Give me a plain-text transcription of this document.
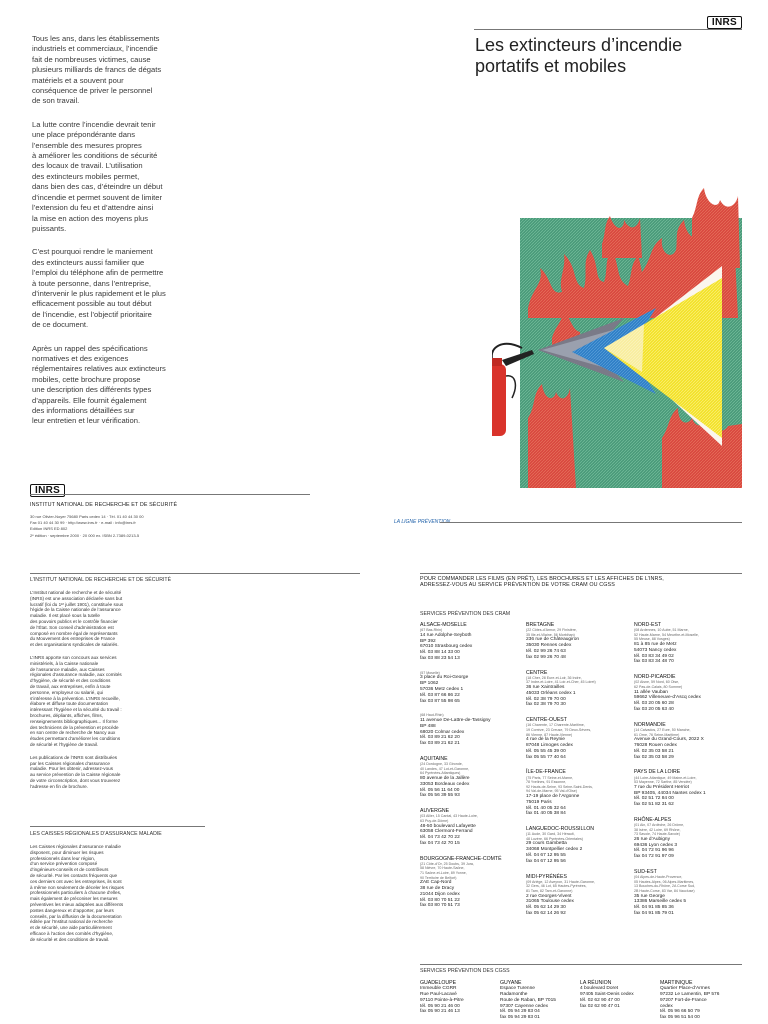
Tous les ans, dans les établissements
industriels et commerciaux, l’incendie
fait de nombreuses victimes, cause
plusieurs milliards de francs de dégats
matériels et a souvent pour
conséquence de priver le personnel
de son travail.

La lutte contre l’incendie devrait tenir
une place prépondérante dans
l’ensemble des mesures propres
à améliorer les conditions de sécurité
des locaux de travail. L’utilisation
des extincteurs mobiles permet,
dans bien des cas, d’éteindre un début
d’incendie et permet souvent de limiter
l’extension du feu et d’attendre ainsi
la mise en action des moyens plus
puissants.

C’est pourquoi rendre le maniement
des extincteurs aussi familier que
l’emploi du téléphone afin de permettre
à toute personne, dans l’entreprise,
d’intervenir le plus rapidement et le plus
efficacement possible au tout début
de l’incendie, est l’objectif prioritaire
de ce document.

Après un rappel des spécifications
normatives et des exigences
réglementaires relatives aux extincteurs
mobiles, cette brochure propose
une description des différents types
d’appareils. Elle fournit également
des informations détaillées sur
leur entretien et leur vérification.

INRS
Les extincteurs d’incendie
portatifs et mobiles
INRS
INSTITUT NATIONAL DE RECHERCHE ET DE SÉCURITÉ
30 rue Olivier-Noyer 75680 Paris cedex 14 · Tél. 01 40 44 30 00
Fax 01 40 44 30 99 · http://www.inrs.fr · e-mail : info@inrs.fr
Edition INRS ED 802
2ᵉ édition · septembre 2000 · 20 000 ex. ISBN 2-7389-0213-5
LA LIGNE PRÉVENTION
L’INSTITUT NATIONAL DE RECHERCHE ET DE SÉCURITÉ
L’Institut national de recherche et de sécurité
(INRS) est une association déclarée sans but
lucratif (loi du 1ᵉʳ juillet 1901), constituée sous
l’égide de la Caisse nationale de l’assurance
maladie. Il est placé sous la tutelle
des pouvoirs publics et le contrôle financier
de l’État. Son conseil d’administration est
composé en nombre égal de représentants
du Mouvement des entreprises de France
et des organisations syndicales de salariés.
L’INRS apporte son concours aux services
ministériels, à la Caisse nationale
de l’assurance maladie, aux Caisses
régionales d’assurance maladie, aux comités
d’hygiène, de sécurité et des conditions
de travail, aux entreprises, enfin à toute
personne, employeur ou salarié, qui
s’intéresse à la prévention. L’INRS recueille,
élabore et diffuse toute documentation
intéressant l’hygiène et la sécurité du travail :
brochures, dépliants, affiches, films,
renseignements bibliographiques... Il forme
des techniciens de la prévention et procède
en son centre de recherche de Nancy aux
études permettant d’améliorer les conditions
de sécurité et l’hygiène de travail.
Les publications de l’INRS sont distribuées
par les Caisses régionales d’assurance
maladie. Pour les obtenir, adressez-vous
au service prévention de la Caisse régionale
de votre circonscription, dont vous trouverez
l’adresse en fin de brochure.
LES CAISSES RÉGIONALES D’ASSURANCE MALADIE
Les Caisses régionales d’assurance maladie
disposent, pour diminuer les risques
professionnels dans leur région,
d’un service prévention composé
d’ingénieurs-conseils et de contrôleurs
de sécurité. Par les contacts fréquents que
ces derniers ont avec les entreprises, ils sont
à même non seulement de déceler les risques
professionnels particuliers à chacune d’elles,
mais également de préconiser les mesures
préventives les mieux adaptées aux différents
postes dangereux et d’apporter, par leurs
conseils, par la diffusion de la documentation
éditée par l’Institut national de recherche
et de sécurité, une aide particulièrement
efficace à l’action des comités d’hygiène,
de sécurité et des conditions de travail.
POUR COMMANDER LES FILMS (EN PRÊT), LES BROCHURES ET LES AFFICHES DE L’INRS,
ADRESSEZ-VOUS AU SERVICE PRÉVENTION DE VOTRE CRAM OU CGSS
SERVICES PRÉVENTION DES CRAM
ALSACE-MOSELLE
(67 Bas-Rhin)
14 rue Adolphe-Seyboth
BP 392
67010 Strasbourg cedex
tél. 03 88 14 33 00
fax 03 88 23 54 13
(57 Moselle)
3 place du Roi-George
BP 1062
57036 Metz cedex 1
tél. 03 87 66 86 22
fax 03 87 55 98 65
(68 Haut-Rhin)
11 avenue De-Lattre-de-Tassigny
BP 488
68020 Colmar cedex
tél. 03 89 21 62 20
fax 03 89 21 62 21
AQUITAINE
(24 Dordogne, 33 Gironde,
40 Landes, 47 Lot-et-Garonne,
64 Pyrénées-Atlantiques)
80 avenue de la Jallère
33053 Bordeaux cedex
tél. 05 56 11 64 00
fax 05 56 39 55 93
AUVERGNE
(03 Allier, 15 Cantal, 43 Haute-Loire,
63 Puy-de-Dôme)
48-50 boulevard Lafayette
63058 Clermont-Ferrand
tél. 04 73 42 70 22
fax 04 73 42 70 15
BOURGOGNE-FRANCHE-COMTÉ
(21 Côte-d’Or, 25 Doubs, 39 Jura,
58 Nièvre, 70 Haute-Saône,
71 Saône-et-Loire, 89 Yonne,
90 Territoire de Belfort)
ZAE Cap-Nord
38 rue de Dracy
21044 Dijon cedex
tél. 03 80 70 51 22
fax 03 80 70 51 73
BRETAGNE
(22 Côtes-d’Armor, 29 Finistère,
35 Ille-et-Vilaine, 56 Morbihan)
236 rue de Châteaugiron
35030 Rennes cedex
tél. 02 99 26 74 63
fax 02 99 26 70 48
CENTRE
(18 Cher, 28 Eure-et-Loir, 36 Indre,
37 Indre-et-Loire, 41 Loir-et-Cher, 45 Loiret)
36 rue Xaintrailles
45033 Orléans cedex 1
tél. 02 38 79 70 00
fax 02 38 79 70 30
CENTRE-OUEST
(16 Charente, 17 Charente-Maritime,
19 Corrèze, 23 Creuse, 79 Deux-Sèvres,
86 Vienne, 87 Haute-Vienne)
4 rue de la Reynie
87048 Limoges cedex
tél. 05 55 45 39 00
fax 05 55 77 40 64
ÎLE-DE-FRANCE
(75 Paris, 77 Seine-et-Marne,
78 Yvelines, 91 Essonne,
92 Hauts-de-Seine, 93 Seine-Saint-Denis,
94 Val-de-Marne, 95 Val-d’Oise)
17-19 place de l’Argonne
75019 Paris
tél. 01 40 05 32 64
fax 01 40 05 38 84
LANGUEDOC-ROUSSILLON
(11 Aude, 30 Gard, 34 Hérault,
48 Lozère, 66 Pyrénées-Orientales)
29 cours Gambetta
34068 Montpellier cedex 2
tél. 04 67 12 95 55
fax 04 67 12 95 56
MIDI-PYRÉNÉES
(09 Ariège, 12 Aveyron, 31 Haute-Garonne,
32 Gers, 46 Lot, 65 Hautes-Pyrénées,
81 Tarn, 82 Tarn-et-Garonne)
2 rue Georges-Vivent
31065 Toulouse cedex
tél. 05 62 14 29 30
fax 05 62 14 26 92
NORD-EST
(08 Ardennes, 10 Aube, 51 Marne,
52 Haute-Marne, 54 Meurthe-et-Moselle,
55 Meuse, 88 Vosges)
81 à 85 rue de Metz
54073 Nancy cedex
tél. 03 83 34 49 02
fax 03 83 34 48 70
NORD-PICARDIE
(02 Aisne, 59 Nord, 60 Oise,
62 Pas-de-Calais, 80 Somme)
11 allée Vauban
59662 Villeneuve-d’Ascq cedex
tél. 03 20 05 60 28
fax 03 20 05 63 40
NORMANDIE
(14 Calvados, 27 Eure, 50 Manche,
61 Orne, 76 Seine-Maritime)
Avenue du Grand-Cours, 2022 X
76028 Rouen cedex
tél. 02 35 03 58 21
fax 02 35 03 58 29
PAYS DE LA LOIRE
(44 Loire-Atlantique, 49 Maine-et-Loire,
53 Mayenne, 72 Sarthe, 85 Vendée)
7 rue du Président Herriot
BP 93405, 44034 Nantes cedex 1
tél. 02 51 72 84 00
fax 02 51 82 31 62
RHÔNE-ALPES
(01 Ain, 07 Ardèche, 26 Drôme,
38 Isère, 42 Loire, 69 Rhône,
73 Savoie, 74 Haute-Savoie)
26 rue d’Aubigny
69436 Lyon cedex 3
tél. 04 72 91 96 96
fax 04 72 91 97 09
SUD-EST
(04 Alpes-de-Haute-Provence,
05 Hautes-Alpes, 06 Alpes-Maritimes,
13 Bouches-du-Rhône, 2A Corse Sud,
2B Haute-Corse, 83 Var, 84 Vaucluse)
35 rue George
13386 Marseille cedex 5
tél. 04 91 85 85 36
fax 04 91 85 79 01
SERVICES PRÉVENTION DES CGSS
GUADELOUPE
Immeuble CGRR
Rue Paul-Lacavé
97110 Pointe-à-Pitre
tél. 05 90 21 46 00
fax 05 90 21 46 13
GUYANE
Espace Turenne Radamonthe
Route de Raban, BP 7015
97307 Cayenne cedex
tél. 05 94 29 83 04
fax 05 94 29 83 01
LA RÉUNION
4 boulevard Doret
97405 Saint-Denis cedex
tél. 02 62 90 47 00
fax 02 62 90 47 01
MARTINIQUE
Quartier Place-d’Armes
97232 Le Lamentin, BP 576
97207 Fort-de-France cedex
tél. 05 96 66 50 79
fax 05 96 51 54 00
